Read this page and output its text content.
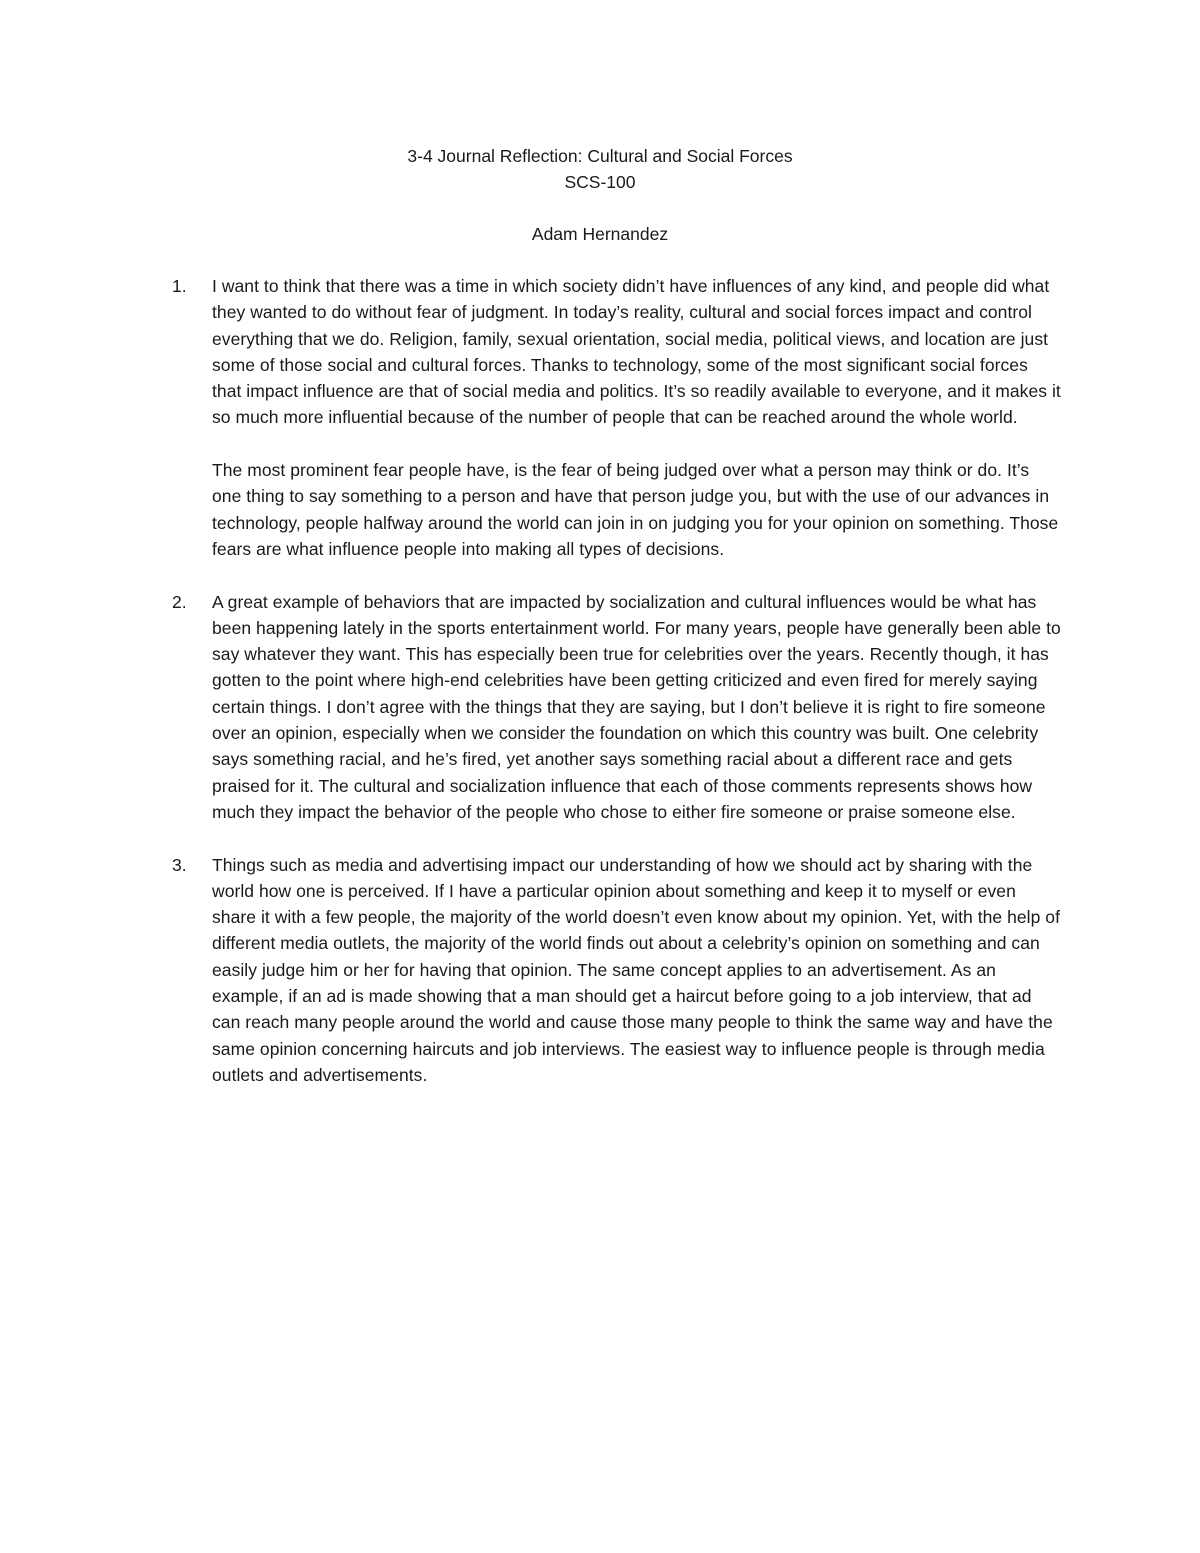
3-4 Journal Reflection: Cultural and Social Forces
SCS-100
Adam Hernandez
1. I want to think that there was a time in which society didn’t have influences of any kind, and people did what they wanted to do without fear of judgment. In today’s reality, cultural and social forces impact and control everything that we do. Religion, family, sexual orientation, social media, political views, and location are just some of those social and cultural forces. Thanks to technology, some of the most significant social forces that impact influence are that of social media and politics. It’s so readily available to everyone, and it makes it so much more influential because of the number of people that can be reached around the whole world.

The most prominent fear people have, is the fear of being judged over what a person may think or do. It’s one thing to say something to a person and have that person judge you, but with the use of our advances in technology, people halfway around the world can join in on judging you for your opinion on something. Those fears are what influence people into making all types of decisions.

2. A great example of behaviors that are impacted by socialization and cultural influences would be what has been happening lately in the sports entertainment world. For many years, people have generally been able to say whatever they want. This has especially been true for celebrities over the years. Recently though, it has gotten to the point where high-end celebrities have been getting criticized and even fired for merely saying certain things. I don’t agree with the things that they are saying, but I don’t believe it is right to fire someone over an opinion, especially when we consider the foundation on which this country was built. One celebrity says something racial, and he’s fired, yet another says something racial about a different race and gets praised for it. The cultural and socialization influence that each of those comments represents shows how much they impact the behavior of the people who chose to either fire someone or praise someone else.

3. Things such as media and advertising impact our understanding of how we should act by sharing with the world how one is perceived. If I have a particular opinion about something and keep it to myself or even share it with a few people, the majority of the world doesn’t even know about my opinion. Yet, with the help of different media outlets, the majority of the world finds out about a celebrity’s opinion on something and can easily judge him or her for having that opinion. The same concept applies to an advertisement. As an example, if an ad is made showing that a man should get a haircut before going to a job interview, that ad can reach many people around the world and cause those many people to think the same way and have the same opinion concerning haircuts and job interviews. The easiest way to influence people is through media outlets and advertisements.
